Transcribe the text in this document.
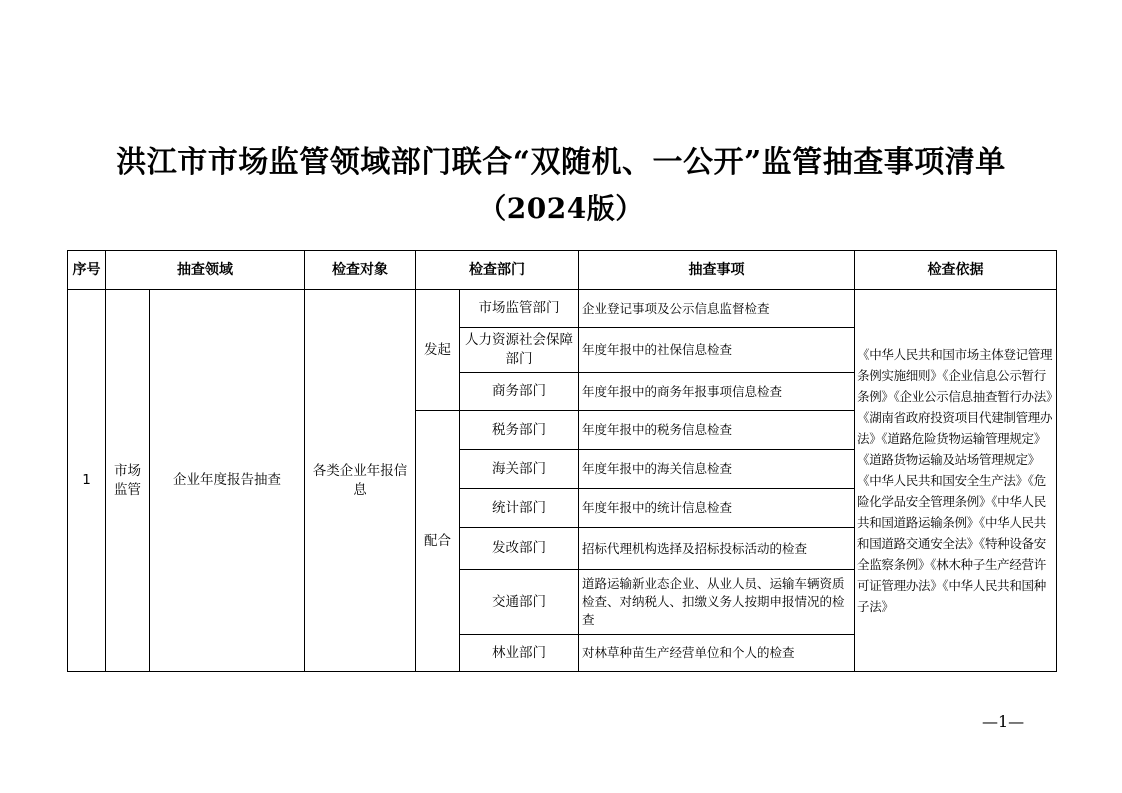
洪江市市场监管领域部门联合“双随机、一公开”监管抽查事项清单
（2024版）
序号	抽查领域		检查对象	检查部门		抽查事项	检查依据
1	市场监管	企业年度报告抽查	各类企业年报信息	发起	市场监管部门	企业登记事项及公示信息监督检查	《中华人民共和国市场主体登记管理条例实施细则》《企业信息公示暂行条例》《企业公示信息抽查暂行办法》《湖南省政府投资项目代建制管理办法》《道路危险货物运输管理规定》《道路货物运输及站场管理规定》《中华人民共和国安全生产法》《危险化学品安全管理条例》《中华人民共和国道路运输条例》《中华人民共和国道路交通安全法》《特种设备安全监察条例》《林木种子生产经营许可证管理办法》《中华人民共和国种子法》
					人力资源社会保障部门	年度年报中的社保信息检查	
					商务部门	年度年报中的商务年报事项信息检查	
				配合	税务部门	年度年报中的税务信息检查	
					海关部门	年度年报中的海关信息检查	
					统计部门	年度年报中的统计信息检查	
					发改部门	招标代理机构选择及招标投标活动的检查	
					交通部门	道路运输新业态企业、从业人员、运输车辆资质检查、对纳税人、扣缴义务人按期申报情况的检查	
					林业部门	对林草种苗生产经营单位和个人的检查	
—1—
